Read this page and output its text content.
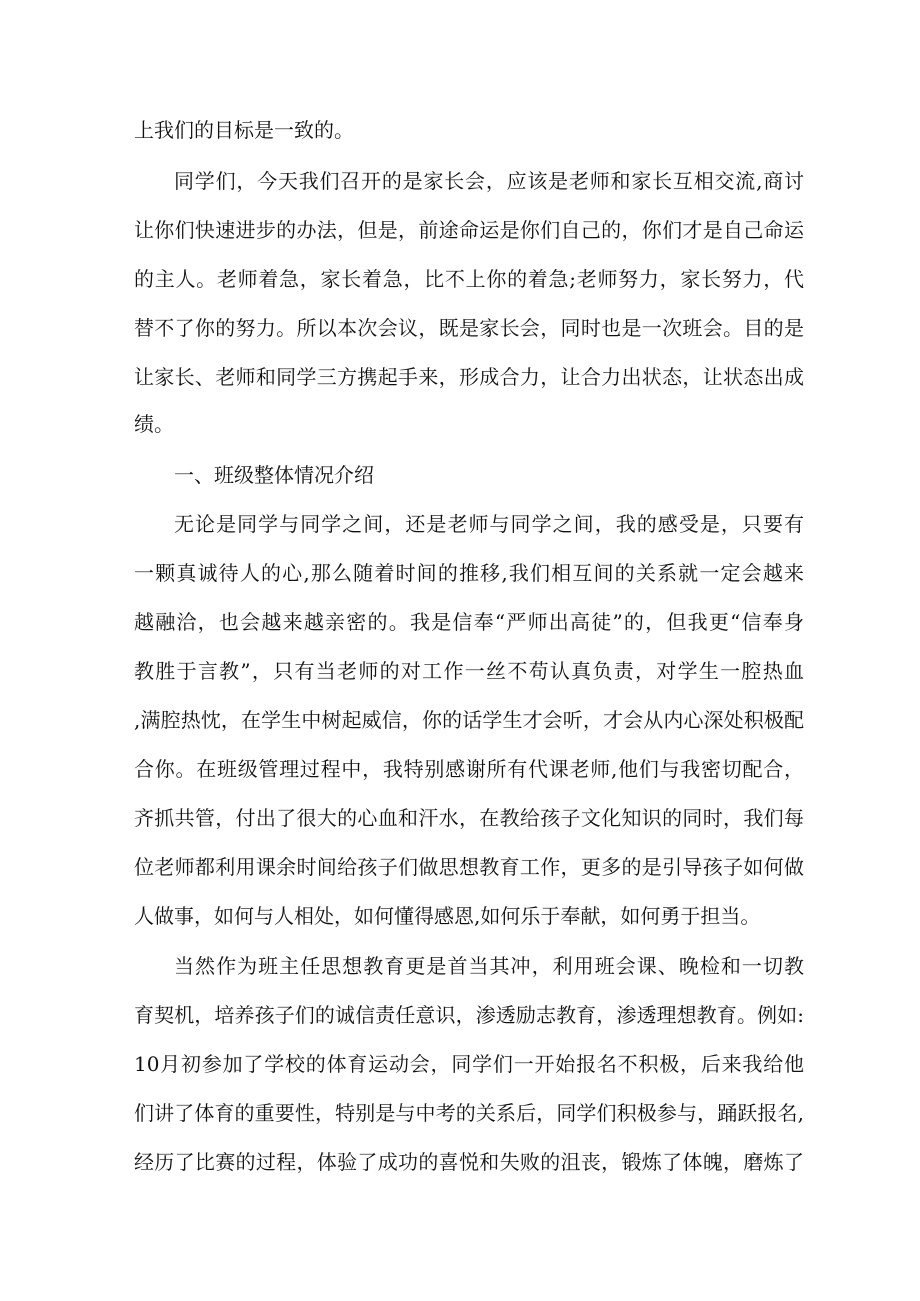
上我们的目标是一致的。
同学们，今天我们召开的是家长会，应该是老师和家长互相交流,商讨
让你们快速进步的办法，但是，前途命运是你们自己的，你们才是自己命运
的主人。老师着急，家长着急，比不上你的着急;老师努力，家长努力，代
替不了你的努力。所以本次会议，既是家长会，同时也是一次班会。目的是
让家长、老师和同学三方携起手来，形成合力，让合力出状态，让状态出成
绩。
一、班级整体情况介绍
无论是同学与同学之间，还是老师与同学之间，我的感受是，只要有
一颗真诚待人的心,那么随着时间的推移,我们相互间的关系就一定会越来
越融洽，也会越来越亲密的。我是信奉“严师出高徒”的，但我更“信奉身
教胜于言教”，只有当老师的对工作一丝不苟认真负责，对学生一腔热血
,满腔热忱，在学生中树起威信，你的话学生才会听，才会从内心深处积极配
合你。在班级管理过程中，我特别感谢所有代课老师,他们与我密切配合，
齐抓共管，付出了很大的心血和汗水，在教给孩子文化知识的同时，我们每
位老师都利用课余时间给孩子们做思想教育工作，更多的是引导孩子如何做
人做事，如何与人相处，如何懂得感恩,如何乐于奉献，如何勇于担当。
当然作为班主任思想教育更是首当其冲，利用班会课、晚检和一切教
育契机，培养孩子们的诚信责任意识，渗透励志教育，渗透理想教育。例如:
10月初参加了学校的体育运动会，同学们一开始报名不积极，后来我给他
们讲了体育的重要性，特别是与中考的关系后，同学们积极参与，踊跃报名,
经历了比赛的过程，体验了成功的喜悦和失败的沮丧，锻炼了体魄，磨炼了
